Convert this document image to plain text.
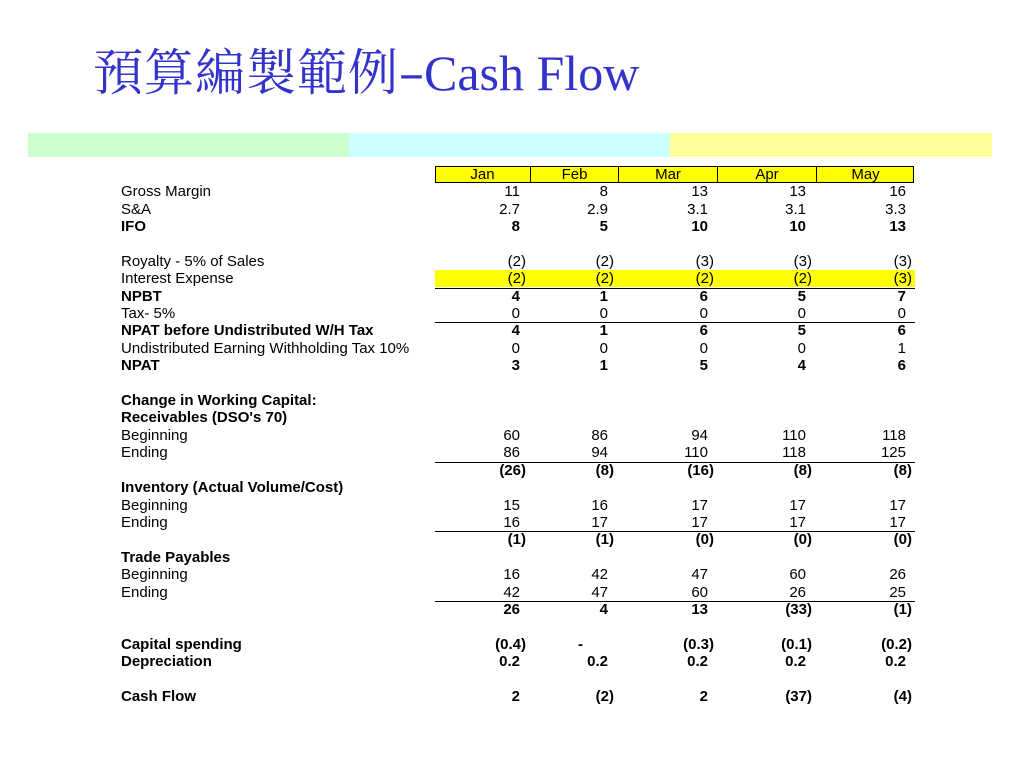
預算編製範例–Cash Flow
Jan	Feb	Mar	Apr	May
Gross Margin	11	8	13	13	16
S&A	2.7	2.9	3.1	3.1	3.3
IFO	8	5	10	10	13
Royalty - 5% of Sales	(2)	(2)	(3)	(3)	(3)
Interest Expense	(2)	(2)	(2)	(2)	(3)
NPBT	4	1	6	5	7
Tax- 5%	0	0	0	0	0
NPAT before Undistributed W/H Tax	4	1	6	5	6
Undistributed Earning Withholding Tax 10%	0	0	0	0	1
NPAT	3	1	5	4	6
Change in Working Capital:
Receivables (DSO's 70)
Beginning	60	86	94	110	118
Ending	86	94	110	118	125
(26)	(8)	(16)	(8)	(8)
Inventory (Actual Volume/Cost)
Beginning	15	16	17	17	17
Ending	16	17	17	17	17
(1)	(1)	(0)	(0)	(0)
Trade Payables
Beginning	16	42	47	60	26
Ending	42	47	60	26	25
26	4	13	(33)	(1)
Capital spending	(0.4)	-	(0.3)	(0.1)	(0.2)
Depreciation	0.2	0.2	0.2	0.2	0.2
Cash Flow	2	(2)	2	(37)	(4)
